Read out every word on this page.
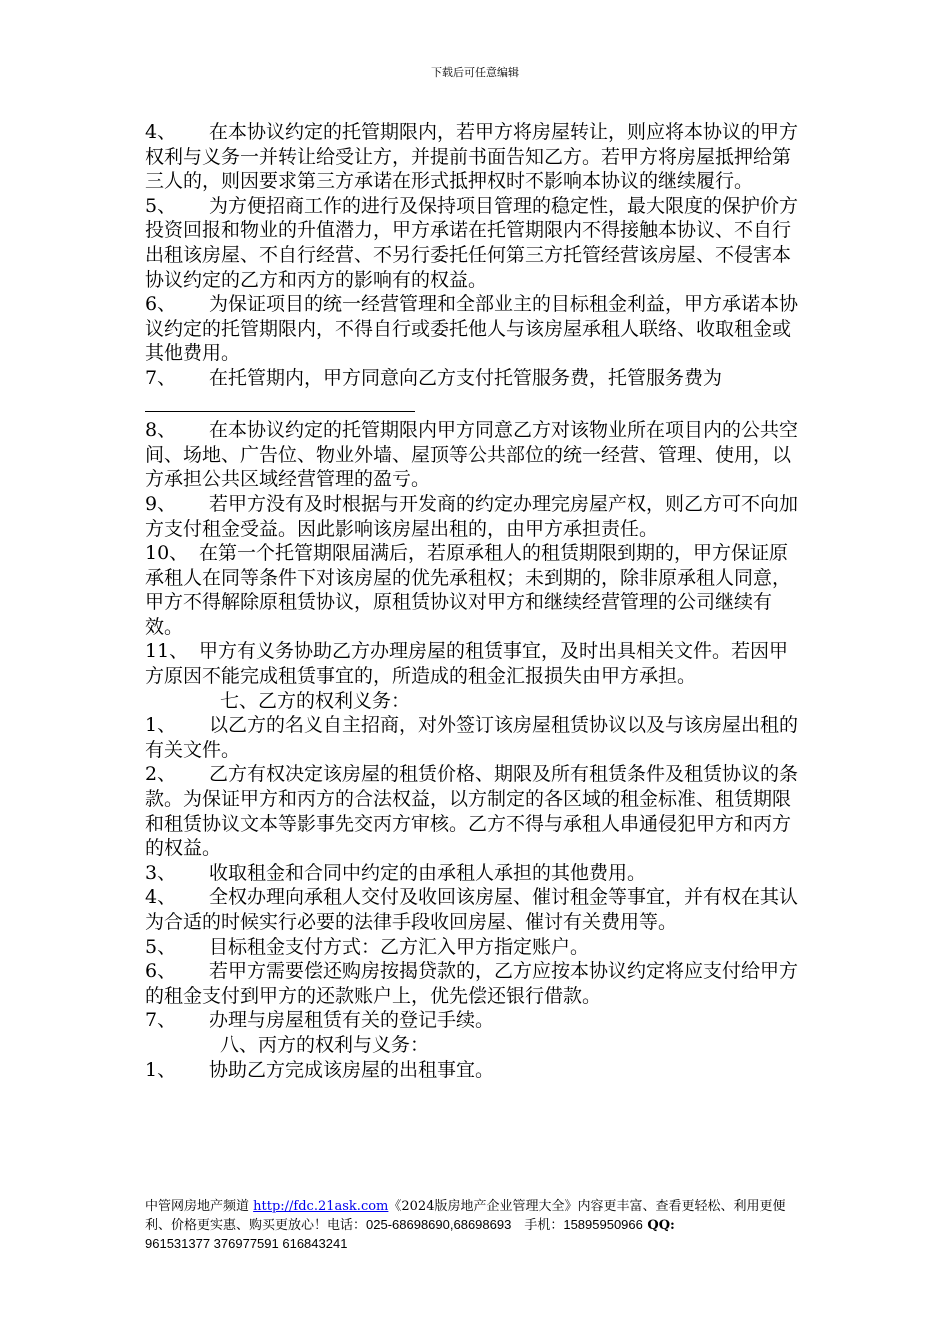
下载后可任意编辑

4、 在本协议约定的托管期限内，若甲方将房屋转让，则应将本协议的甲方权利与义务一并转让给受让方，并提前书面告知乙方。若甲方将房屋抵押给第三人的，则因要求第三方承诺在形式抵押权时不影响本协议的继续履行。

5、 为方便招商工作的进行及保持项目管理的稳定性，最大限度的保护价方投资回报和物业的升值潜力，甲方承诺在托管期限内不得接触本协议、不自行出租该房屋、不自行经营、不另行委托任何第三方托管经营该房屋、不侵害本协议约定的乙方和丙方的影响有的权益。

6、 为保证项目的统一经营管理和全部业主的目标租金利益，甲方承诺本协议约定的托管期限内，不得自行或委托他人与该房屋承租人联络、收取租金或其他费用。

7、 在托管期内，甲方同意向乙方支付托管服务费，托管服务费为

8、 在本协议约定的托管期限内甲方同意乙方对该物业所在项目内的公共空间、场地、广告位、物业外墙、屋顶等公共部位的统一经营、管理、使用，以方承担公共区域经营管理的盈亏。

9、 若甲方没有及时根据与开发商的约定办理完房屋产权，则乙方可不向加方支付租金受益。因此影响该房屋出租的，由甲方承担责任。

10、 在第一个托管期限届满后，若原承租人的租赁期限到期的，甲方保证原承租人在同等条件下对该房屋的优先承租权；未到期的，除非原承租人同意，甲方不得解除原租赁协议，原租赁协议对甲方和继续经营管理的公司继续有效。

11、 甲方有义务协助乙方办理房屋的租赁事宜，及时出具相关文件。若因甲方原因不能完成租赁事宜的，所造成的租金汇报损失由甲方承担。

七、乙方的权利义务：

1、 以乙方的名义自主招商，对外签订该房屋租赁协议以及与该房屋出租的有关文件。

2、 乙方有权决定该房屋的租赁价格、期限及所有租赁条件及租赁协议的条款。为保证甲方和丙方的合法权益，以方制定的各区域的租金标准、租赁期限和租赁协议文本等影事先交丙方审核。乙方不得与承租人串通侵犯甲方和丙方的权益。

3、 收取租金和合同中约定的由承租人承担的其他费用。

4、 全权办理向承租人交付及收回该房屋、催讨租金等事宜，并有权在其认为合适的时候实行必要的法律手段收回房屋、催讨有关费用等。

5、 目标租金支付方式：乙方汇入甲方指定账户。

6、 若甲方需要偿还购房按揭贷款的，乙方应按本协议约定将应支付给甲方的租金支付到甲方的还款账户上，优先偿还银行借款。

7、 办理与房屋租赁有关的登记手续。

八、丙方的权利与义务：

1、 协助乙方完成该房屋的出租事宜。

中管网房地产频道 http://fdc.21ask.com《2024版房地产企业管理大全》内容更丰富、查看更轻松、利用更便利、价格更实惠、购买更放心！电话：025-68698690,68698693　手机：15895950966 QQ:
961531377 376977591 616843241
